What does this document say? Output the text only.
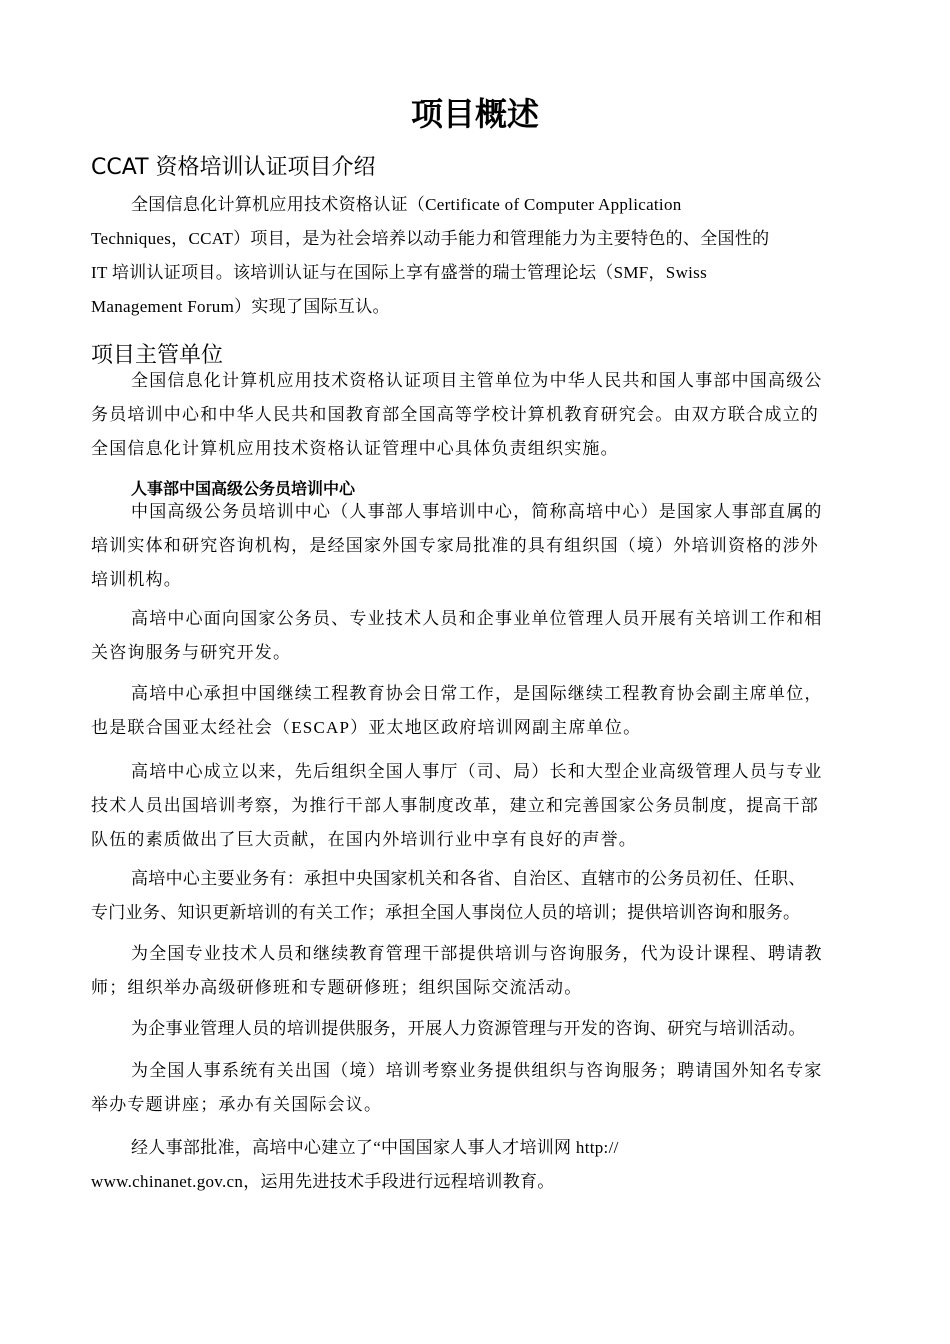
项目概述
CCAT 资格培训认证项目介绍
全国信息化计算机应用技术资格认证（Certificate of Computer Application
Techniques，CCAT）项目，是为社会培养以动手能力和管理能力为主要特色的、全国性的
IT 培训认证项目。该培训认证与在国际上享有盛誉的瑞士管理论坛（SMF，Swiss
Management Forum）实现了国际互认。
项目主管单位
全国信息化计算机应用技术资格认证项目主管单位为中华人民共和国人事部中国高级公
务员培训中心和中华人民共和国教育部全国高等学校计算机教育研究会。由双方联合成立的
全国信息化计算机应用技术资格认证管理中心具体负责组织实施。
人事部中国高级公务员培训中心
中国高级公务员培训中心（人事部人事培训中心，简称高培中心）是国家人事部直属的
培训实体和研究咨询机构，是经国家外国专家局批准的具有组织国（境）外培训资格的涉外
培训机构。
高培中心面向国家公务员、专业技术人员和企事业单位管理人员开展有关培训工作和相
关咨询服务与研究开发。
高培中心承担中国继续工程教育协会日常工作，是国际继续工程教育协会副主席单位，
也是联合国亚太经社会（ESCAP）亚太地区政府培训网副主席单位。
高培中心成立以来，先后组织全国人事厅（司、局）长和大型企业高级管理人员与专业
技术人员出国培训考察，为推行干部人事制度改革，建立和完善国家公务员制度，提高干部
队伍的素质做出了巨大贡献，在国内外培训行业中享有良好的声誉。
高培中心主要业务有：承担中央国家机关和各省、自治区、直辖市的公务员初任、任职、
专门业务、知识更新培训的有关工作；承担全国人事岗位人员的培训；提供培训咨询和服务。
为全国专业技术人员和继续教育管理干部提供培训与咨询服务，代为设计课程、聘请教
师；组织举办高级研修班和专题研修班；组织国际交流活动。
为企事业管理人员的培训提供服务，开展人力资源管理与开发的咨询、研究与培训活动。
为全国人事系统有关出国（境）培训考察业务提供组织与咨询服务；聘请国外知名专家
举办专题讲座；承办有关国际会议。
经人事部批准，高培中心建立了“中国国家人事人才培训网 http://
www.chinanet.gov.cn，运用先进技术手段进行远程培训教育。
